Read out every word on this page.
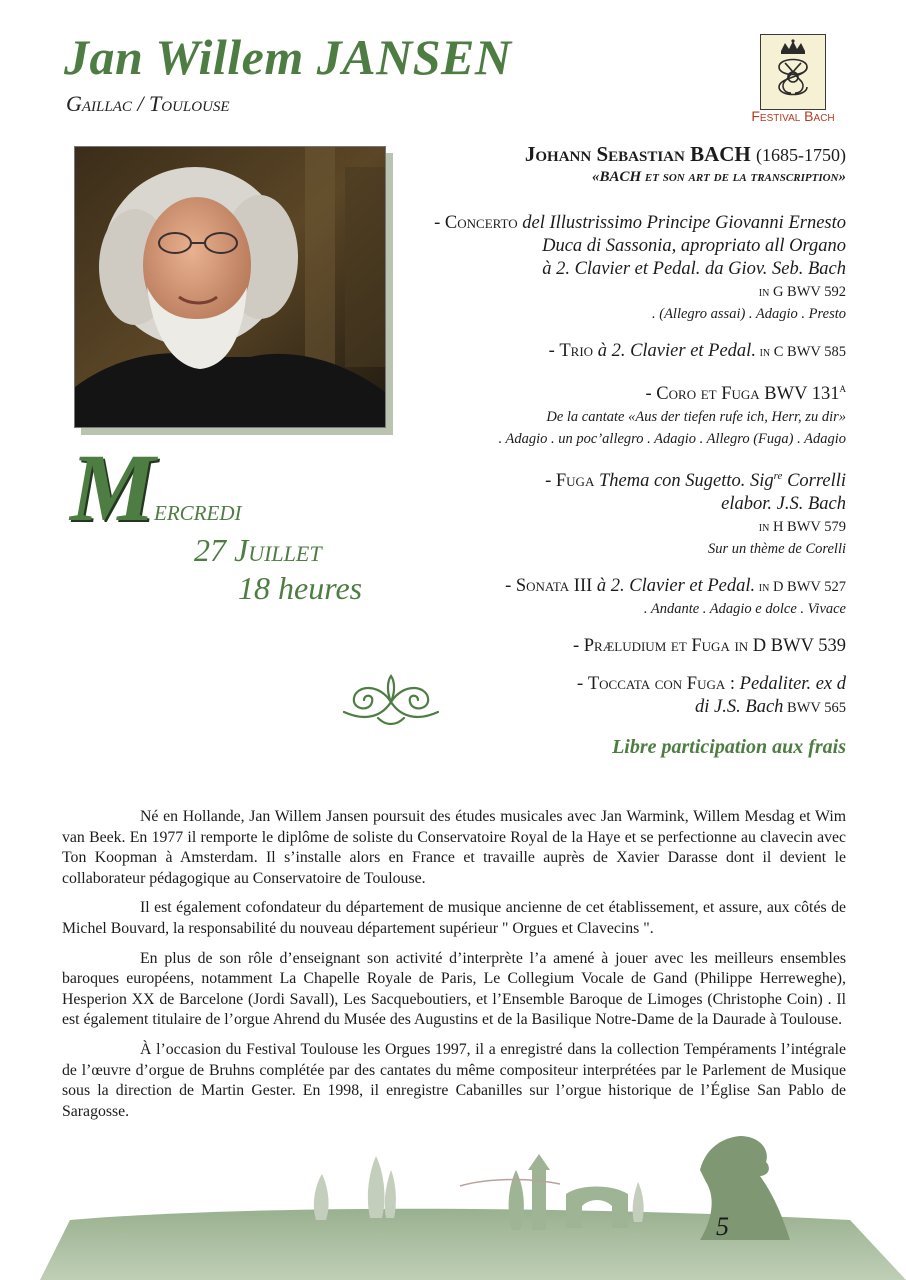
Jan Willem JANSEN
Gaillac / Toulouse	Festival Bach
M
ercredi
27 Juillet
18 heures
Johann Sebastian BACH (1685-1750)
«BACH et son art de la transcription»
- Concerto del Illustrissimo Principe Giovanni Ernesto
Duca di Sassonia, apropriato all Organo
à 2. Clavier et Pedal. da Giov. Seb. Bach
in G BWV 592
. (Allegro assai) . Adagio . Presto
- Trio à 2. Clavier et Pedal. in C BWV 585
- Coro et Fuga BWV $131^A$
De la cantate «Aus der tiefen rufe ich, Herr, zu dir»
. Adagio . un poc’allegro . Adagio . Allegro (Fuga) . Adagio
- Fuga Thema con Sugetto. Sig$^{re}$ Correlli
elabor. J.S. Bach
in H BWV 579
Sur un thème de Corelli
- Sonata III à 2. Clavier et Pedal. in D BWV 527
. Andante . Adagio e dolce . Vivace
- Præludium et Fuga in D BWV 539
- Toccata con Fuga : Pedaliter. ex d
di J.S. Bach BWV 565
Libre participation aux frais

Né en Hollande, Jan Willem Jansen poursuit des études musicales avec Jan Warmink, Willem Mesdag et Wim van Beek. En 1977 il remporte le diplôme de soliste du Conservatoire Royal de la Haye et se perfectionne au clavecin avec Ton Koopman à Amsterdam. Il s’installe alors en France et travaille auprès de Xavier Darasse dont il devient le collaborateur pédagogique au Conservatoire de Toulouse.

Il est également cofondateur du département de musique ancienne de cet établissement, et assure, aux côtés de Michel Bouvard, la responsabilité du nouveau département supérieur " Orgues et Clavecins ".

En plus de son rôle d’enseignant son activité d’interprète l’a amené à jouer avec les meilleurs ensembles baroques européens, notamment La Chapelle Royale de Paris, Le Collegium Vocale de Gand (Philippe Herreweghe), Hesperion XX de Barcelone (Jordi Savall), Les Sacqueboutiers, et l’Ensemble Baroque de Limoges (Christophe Coin) . Il est également titulaire de l’orgue Ahrend du Musée des Augustins et de la Basilique Notre-Dame de la Daurade à Toulouse.

À l’occasion du Festival Toulouse les Orgues 1997, il a enregistré dans la collection Tempéraments l’intégrale de l’œuvre d’orgue de Bruhns complétée par des cantates du même compositeur interprétées par le Parlement de Musique sous la direction de Martin Gester. En 1998, il enregistre Cabanilles sur l’orgue historique de l’Église San Pablo de Saragosse.

5
